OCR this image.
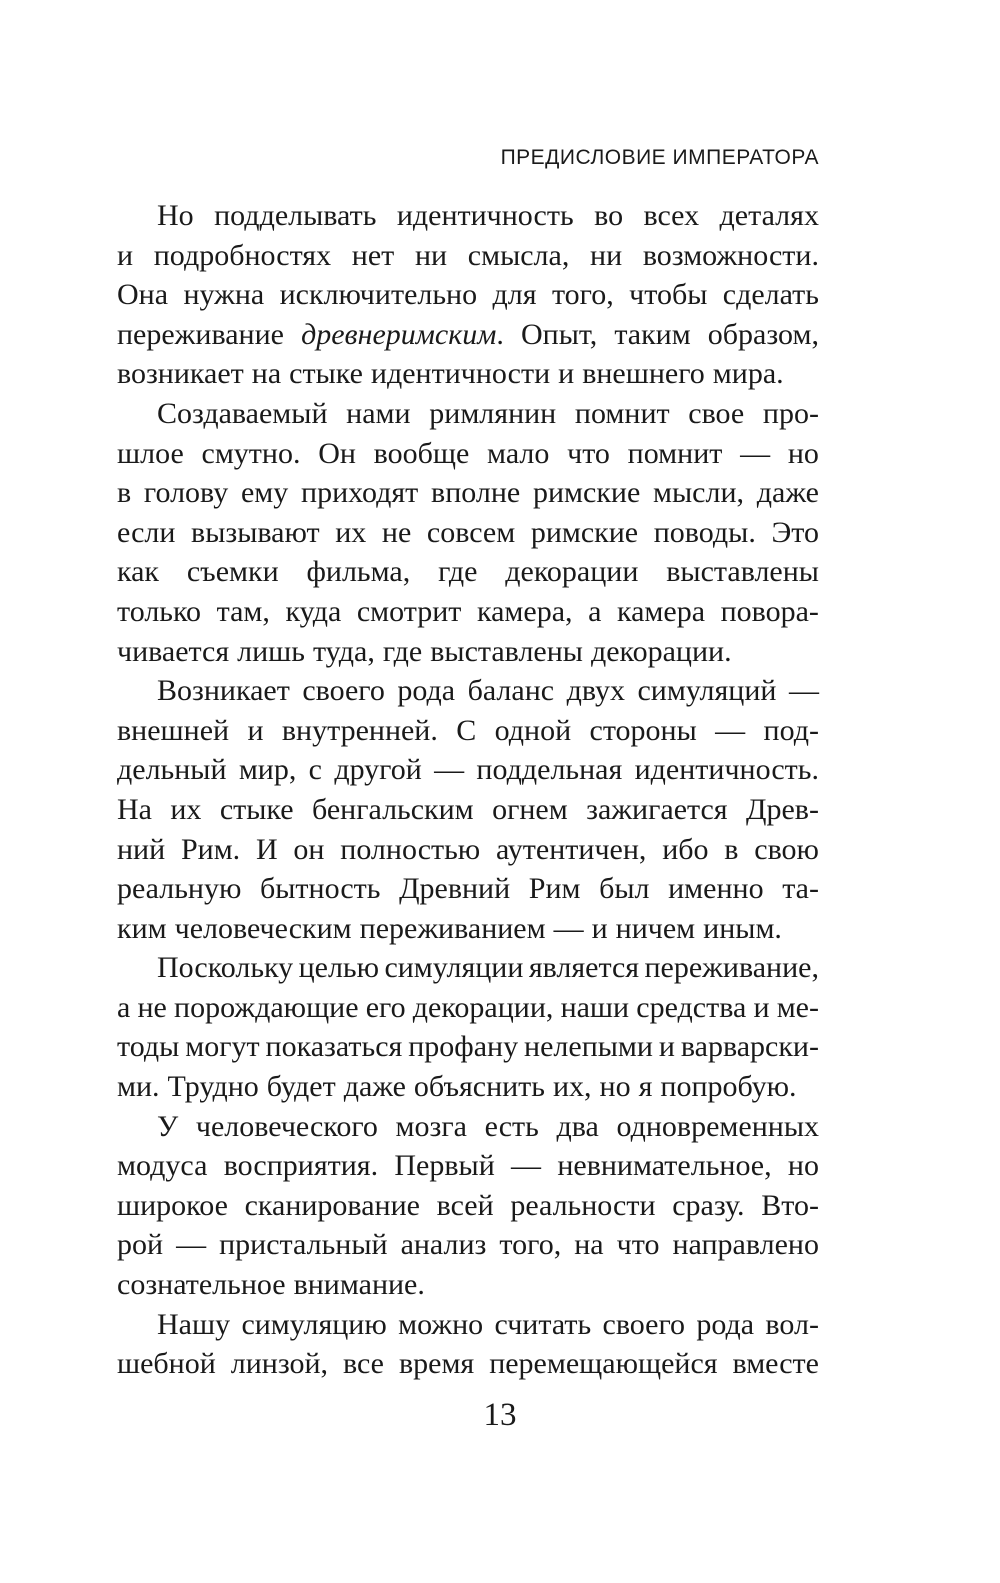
ПРЕДИСЛОВИЕ ИМПЕРАТОРА
Но подделывать идентичность во всех деталях
и подробностях нет ни смысла, ни возможности.
Она нужна исключительно для того, чтобы сделать
переживание древнеримским. Опыт, таким образом,
возникает на стыке идентичности и внешнего мира.
Создаваемый нами римлянин помнит свое про-
шлое смутно. Он вообще мало что помнит — но
в голову ему приходят вполне римские мысли, даже
если вызывают их не совсем римские поводы. Это
как съемки фильма, где декорации выставлены
только там, куда смотрит камера, а камера повора-
чивается лишь туда, где выставлены декорации.
Возникает своего рода баланс двух симуляций —
внешней и внутренней. С одной стороны — под-
дельный мир, с другой — поддельная идентичность.
На их стыке бенгальским огнем зажигается Древ-
ний Рим. И он полностью аутентичен, ибо в свою
реальную бытность Древний Рим был именно та-
ким человеческим переживанием — и ничем иным.
Поскольку целью симуляции является переживание,
а не порождающие его декорации, наши средства и ме-
тоды могут показаться профану нелепыми и варварски-
ми. Трудно будет даже объяснить их, но я попробую.
У человеческого мозга есть два одновременных
модуса восприятия. Первый — невнимательное, но
широкое сканирование всей реальности сразу. Вто-
рой — пристальный анализ того, на что направлено
сознательное внимание.
Нашу симуляцию можно считать своего рода вол-
шебной линзой, все время перемещающейся вместе
13
